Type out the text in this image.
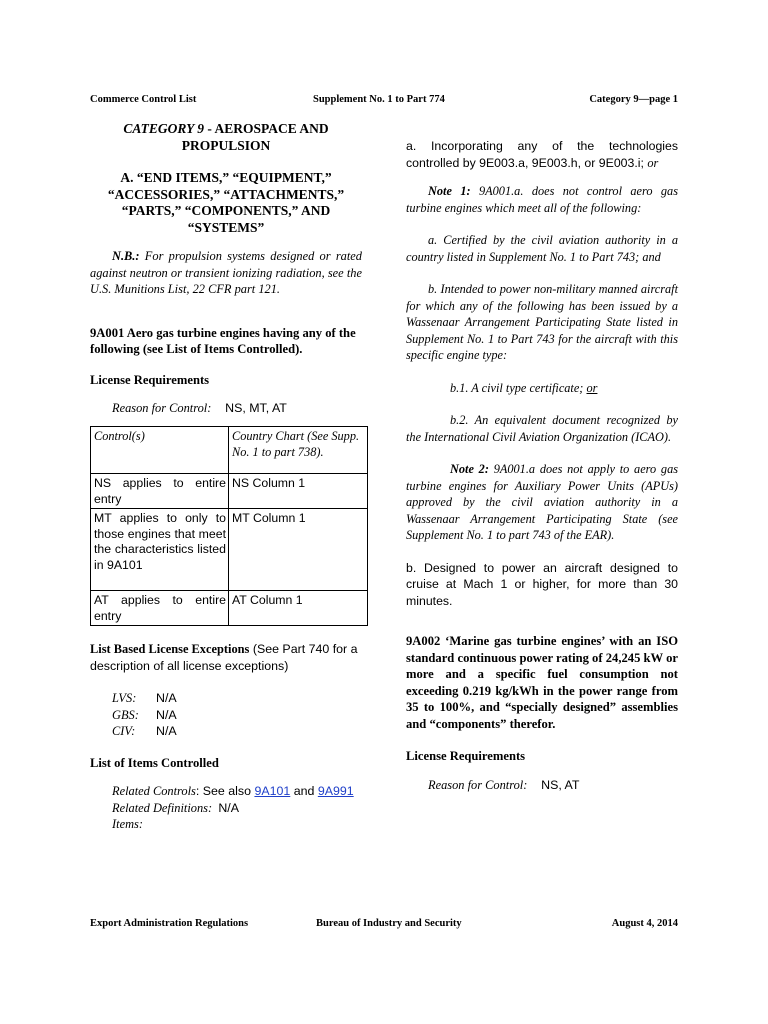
Commerce Control List	Supplement No. 1 to Part 774	Category 9—page 1
CATEGORY 9 - AEROSPACE AND
PROPULSION
A. “END ITEMS,” “EQUIPMENT,”
“ACCESSORIES,” “ATTACHMENTS,”
“PARTS,” “COMPONENTS,” AND
“SYSTEMS”

N.B.: For propulsion systems designed or rated against neutron or transient ionizing radiation, see the U.S. Munitions List, 22 CFR part 121.

9A001 Aero gas turbine engines having any of the following (see List of Items Controlled).

License Requirements

Reason for Control: NS, MT, AT

Control(s)	Country Chart (See Supp. No. 1 to part 738).
NS applies to entire entry	NS Column 1
MT applies to only to those engines that meet the characteristics listed in 9A101	MT Column 1
AT applies to entire entry	AT Column 1

List Based License Exceptions (See Part 740 for a description of all license exceptions)

LVS: N/A

GBS: N/A

CIV: N/A

List of Items Controlled

Related Controls: See also 9A101 and 9A991

Related Definitions: N/A

Items:

a. Incorporating any of the technologies controlled by 9E003.a, 9E003.h, or 9E003.i; or

Note 1: 9A001.a. does not control aero gas turbine engines which meet all of the following:

a. Certified by the civil aviation authority in a country listed in Supplement No. 1 to Part 743; and

b. Intended to power non-military manned aircraft for which any of the following has been issued by a Wassenaar Arrangement Participating State listed in Supplement No. 1 to Part 743 for the aircraft with this specific engine type:

b.1. A civil type certificate; or

b.2. An equivalent document recognized by the International Civil Aviation Organization (ICAO).

Note 2: 9A001.a does not apply to aero gas turbine engines for Auxiliary Power Units (APUs) approved by the civil aviation authority in a Wassenaar Arrangement Participating State (see Supplement No. 1 to part 743 of the EAR).

b. Designed to power an aircraft designed to cruise at Mach 1 or higher, for more than 30 minutes.

9A002 ‘Marine gas turbine engines’ with an ISO standard continuous power rating of 24,245 kW or more and a specific fuel consumption not exceeding 0.219 kg/kWh in the power range from 35 to 100%, and “specially designed” assemblies and “components” therefor.

License Requirements

Reason for Control: NS, AT

Export Administration Regulations	Bureau of Industry and Security	August 4, 2014
